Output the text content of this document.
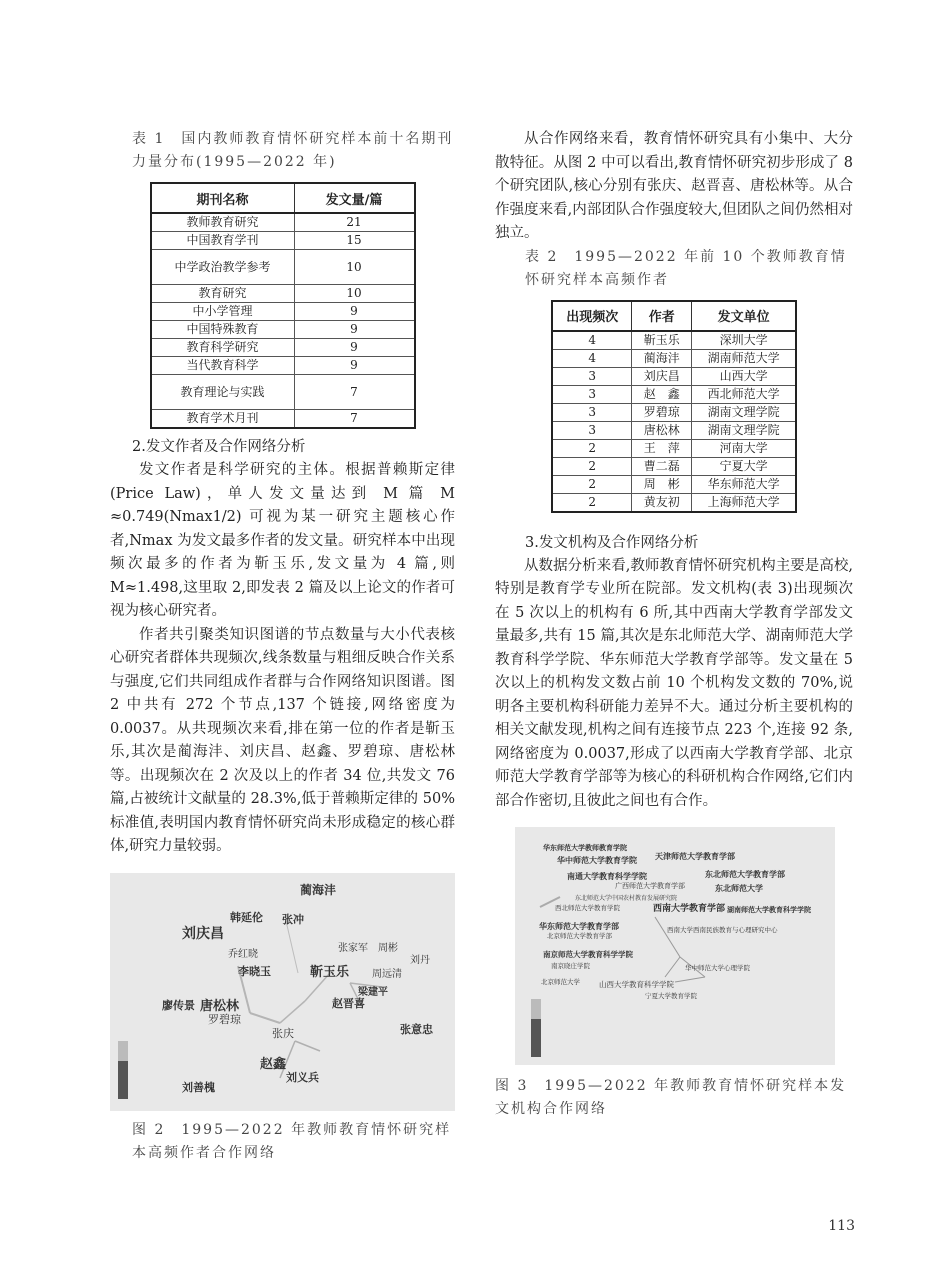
表 1　国内教师教育情怀研究样本前十名期刊力量分布(1995—2022 年)

期刊名称	发文量/篇
教师教育研究	21
中国教育学刊	15
中学政治教学参考	10
教育研究	10
中小学管理	9
中国特殊教育	9
教育科学研究	9
当代教育科学	9
教育理论与实践	7
教育学术月刊	7

2.发文作者及合作网络分析

发文作者是科学研究的主体。根据普赖斯定律(Price Law)，单人发文量达到 M 篇 M ≈0.749(Nmax1/2) 可视为某一研究主题核心作者,Nmax 为发文最多作者的发文量。研究样本中出现频次最多的作者为靳玉乐,发文量为 4 篇,则 M≈1.498,这里取 2,即发表 2 篇及以上论文的作者可视为核心研究者。

作者共引聚类知识图谱的节点数量与大小代表核心研究者群体共现频次,线条数量与粗细反映合作关系与强度,它们共同组成作者群与合作网络知识图谱。图 2 中共有 272 个节点,137 个链接,网络密度为 0.0037。从共现频次来看,排在第一位的作者是靳玉乐,其次是蔺海沣、刘庆昌、赵鑫、罗碧琼、唐松林等。出现频次在 2 次及以上的作者 34 位,共发文 76 篇,占被统计文献量的 28.3%,低于普赖斯定律的 50%标准值,表明国内教育情怀研究尚未形成稳定的核心群体,研究力量较弱。

蔺海沣
韩延伦 张冲
刘庆昌
乔红晓
张家军 周彬
刘丹
李晓玉	靳玉乐 周远清
梁建平
唐松林	赵晋喜
廖传景
罗碧琼
张庆	张意忠
赵鑫
刘义兵
刘善槐

图 2　1995—2022 年教师教育情怀研究样本高频作者合作网络

从合作网络来看，教育情怀研究具有小集中、大分散特征。从图 2 中可以看出,教育情怀研究初步形成了 8 个研究团队,核心分别有张庆、赵晋喜、唐松林等。从合作强度来看,内部团队合作强度较大,但团队之间仍然相对独立。

表 2　1995—2022 年前 10 个教师教育情怀研究样本高频作者

出现频次	作者	发文单位
4	靳玉乐	深圳大学
4	蔺海沣	湖南师范大学
3	刘庆昌	山西大学
3	赵　鑫	西北师范大学
3	罗碧琼	湖南文理学院
3	唐松林	湖南文理学院
2	王　萍	河南大学
2	曹二磊	宁夏大学
2	周　彬	华东师范大学
2	黄友初	上海师范大学

3.发文机构及合作网络分析

从数据分析来看,教师教育情怀研究机构主要是高校,特别是教育学专业所在院部。发文机构(表 3)出现频次在 5 次以上的机构有 6 所,其中西南大学教育学部发文量最多,共有 15 篇,其次是东北师范大学、湖南师范大学教育科学学院、华东师范大学教育学部等。发文量在 5 次以上的机构发文数占前 10 个机构发文数的 70%,说明各主要机构科研能力差异不大。通过分析主要机构的相关文献发现,机构之间有连接节点 223 个,连接 92 条,网络密度为 0.0037,形成了以西南大学教育学部、北京师范大学教育学部等为核心的科研机构合作网络,它们内部合作密切,且彼此之间也有合作。

华东师范大学教师教育学院
华中师范大学教育学院 天津师范大学教育学部
南通大学教育科学学院
广西师范大学教育学部
东北师范大学教育学部
东北师范大学
东北师范大学中国农村教育发展研究院
西北师范大学教育学院	西南大学教育学部 湖南师范大学教育科学学院
华东师范大学教育学部
北京师范大学教育学部
西南大学西南民族教育与心理研究中心
南京师范大学教育科学学院
南京晓庄学院	华中师范大学心理学院
北京师范大学	山西大学教育科学学院
宁夏大学教育学院

图 3　1995—2022 年教师教育情怀研究样本发文机构合作网络

113
